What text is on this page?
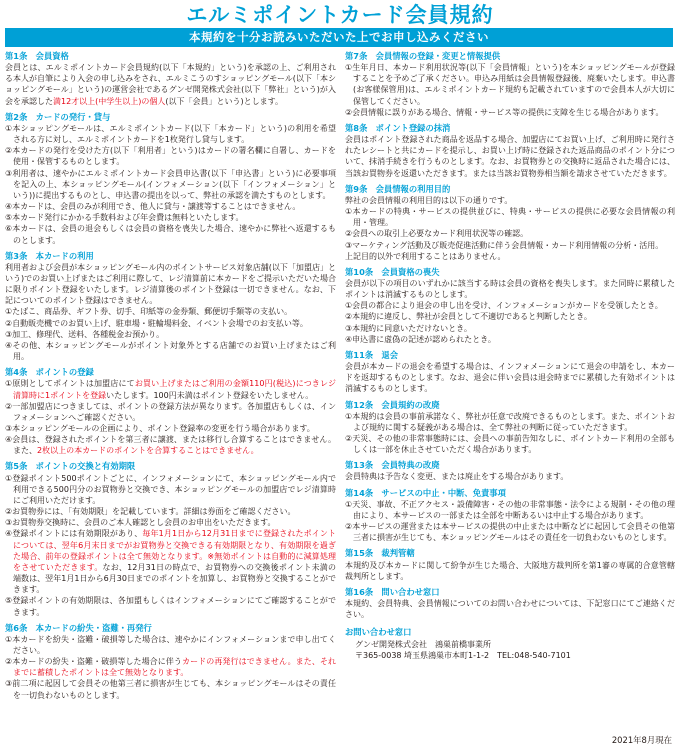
エルミポイントカード会員規約
本規約を十分お読みいただいた上でお申し込みください
第1条　会員資格
会員とは、エルミポイントカード会員規約(以下「本規約」という)を承認の上、ご利用される本人が自筆により入会の申し込みをされ、エルミこうのすショッピングモール(以下「本ショッピングモール」という)の運営会社であるグンゼ開発株式会社(以下「弊社」という)が入会を承認した満12才以上(中学生以上)の個人(以下「会員」という)とします。
第2条　カードの発行・貸与
①本ショッピングモールは、エルミポイントカード(以下「本カード」という)の利用を希望される方に対し、エルミポイントカードを1枚発行し貸与します。
②本カードの発行を受けた方(以下「利用者」という)はカードの署名欄に自署し、カードを使用・保管するものとします。
③利用者は、速やかにエルミポイントカード会員申込書(以下「申込書」という)に必要事項を記入の上、本ショッピングモール(インフォメーション(以下「インフォメーション」という))に提出するものとし、申込書の提出を以って、弊社の承認を満たすものとします。
④本カードは、会員のみが利用でき、他人に貸与・譲渡等することはできません。
⑤本カード発行にかかる手数料および年会費は無料といたします。
⑥本カードは、会員の退会もしくは会員の資格を喪失した場合、速やかに弊社へ返還するものとします。
第3条　本カードの利用
利用者および会員が本ショッピングモール内のポイントサービス対象店舗(以下「加盟店」という)でのお買い上げまたはご利用に際して、レジ清算前に本カードをご提示いただいた場合に限りポイント登録をいたします。レジ清算後のポイント登録は一切できません。なお、下記についてのポイント登録はできません。
①たばこ、商品券、ギフト券、切手、印紙等の金券類、郵便切手類等の支払い。
②自動販売機でのお買い上げ、駐車場・駐輪場料金、イベント会場でのお支払い等。
③加工、修理代、送料、各種税金お預かり。
④その他、本ショッピングモールがポイント対象外とする店舗でのお買い上げまたはご利用。
第4条　ポイントの登録
①原則としてポイントは加盟店にてお買い上げまたはご利用の金額110円(税込)につきレジ清算時に1ポイントを登録いたします。100円未満はポイント登録をいたしません。
②一部加盟店につきましては、ポイントの登録方法が異なります。各加盟店もしくは、インフォメーションへご確認ください。
③本ショッピングモールの企画により、ポイント登録率の変更を行う場合があります。
④会員は、登録されたポイントを第三者に譲渡、または移行し合算することはできません。また、2枚以上の本カードのポイントを合算することはできません。
第5条　ポイントの交換と有効期限
①登録ポイント500ポイントごとに、インフォメーションにて、本ショッピングモール内で利用できる500円分のお買物券と交換でき、本ショッピングモールの加盟店でレジ清算時にご利用いただけます。
②お買物券には、「有効期限」を記載しています。詳細は券面をご確認ください。
③お買物券交換時に、会員のご本人確認とし会員のお申出をいただきます。
④登録ポイントには有効期限があり、毎年1月1日から12月31日までに登録されたポイントについては、翌年6月末日までがお買物券と交換できる有効期限となり、有効期限を過ぎた場合、前年の登録ポイントは全て無効となります。※無効ポイントは自動的に減算処理をさせていただきます。なお、12月31日の時点で、お買物券への交換後ポイント未満の端数は、翌年1月1日から6月30日までのポイントを加算し、お買物券と交換することができます。
⑤登録ポイントの有効期限は、各加盟もしくはインフォメーションにてご確認することができます。
第6条　本カードの紛失・盗難・再発行
①本カードを紛失・盗難・破損等した場合は、速やかにインフォメーションまで申し出てください。
②本カードの紛失・盗難・破損等した場合に伴うカードの再発行はできません。また、それまでに蓄積したポイントは全て無効となります。
③前二項に起因して会員その他第三者に損害が生じても、本ショッピングモールはその責任を一切負わないものとします。
第7条　会員情報の登録・変更と情報提供
①生年月日、本カード利用状況等(以下「会員情報」という)を本ショッピングモールが登録することを予めご了承ください。申込み用紙は会員情報登録後、廃棄いたします。申込書(お客様保管用)は、エルミポイントカード規約も記載されていますので会員本人が大切に保管してください。
②会員情報に誤りがある場合、情報・サービス等の提供に支障を生じる場合があります。
第8条　ポイント登録の抹消
会員はポイント登録された商品を返品する場合、加盟店にてお買い上げ、ご利用時に発行されたレシートと共にカードを提示し、お買い上げ時に登録された返品商品のポイント分について、抹消手続きを行うものとします。なお、お買物券との交換時に返品された場合には、当該お買物券を返還いただきます。または当該お買物券相当額を請求させていただきます。
第9条　会員情報の利用目的
弊社の会員情報の利用目的は以下の通りです。
①本カードの特典・サービスの提供並びに、特典・サービスの提供に必要な会員情報の利用・管理。
②会員への取引上必要なカード利用状況等の確認。
③マーケティング活動及び販売促進活動に伴う会員情報・カード利用情報の分析・活用。
上記目的以外で利用することはありません。
第10条　会員資格の喪失
会員が以下の項目のいずれかに該当する時は会員の資格を喪失します。また同時に累積したポイントは消滅するものとします。
①会員の都合により退会の申し出を受け、インフォメーションがカードを受領したとき。
②本規約に違反し、弊社が会員として不適切であると判断したとき。
③本規約に同意いただけないとき。
④申込書に虚偽の記述が認められたとき。
第11条　退会
会員が本カードの退会を希望する場合は、インフォメーションにて退会の申請をし、本カードを返却するものとします。なお、退会に伴い会員は退会時までに累積した有効ポイントは消滅するものとします。
第12条　会員規約の改廃
①本規約は会員の事前承諾なく、弊社が任意で改廃できるものとします。また、ポイントおよび規約に関する疑義がある場合は、全て弊社の判断に従っていただきます。
②天災、その他の非常事態時には、会員への事前告知なしに、ポイントカード利用の全部もしくは一部を休止させていただく場合があります。
第13条　会員特典の改廃
会員特典は予告なく変更、または廃止をする場合があります。
第14条　サービスの中止・中断、免責事項
①天災、事故、不正アクセス・設備障害・その他の非常事態・法令による規制・その他の理由により、本サービスの一部または全部を中断あるいは中止する場合があります。
②本サービスの運営または本サービスの提供の中止または中断などに起因して会員その他第三者に損害が生じても、本ショッピングモールはその責任を一切負わないものとします。
第15条　裁判管轄
本規約及び本カードに関して紛争が生じた場合、大阪地方裁判所を第1審の専属的合意管轄裁判所とします。
第16条　問い合わせ窓口
本規約、会員特典、会員情報についてのお問い合わせについては、下記窓口にてご連絡ください。
お問い合わせ窓口
グンゼ開発株式会社　鴻巣前橋事業所
〒365-0038 埼玉県鴻巣市本町1-1-2　TEL:048-540-7101
2021年8月現在
